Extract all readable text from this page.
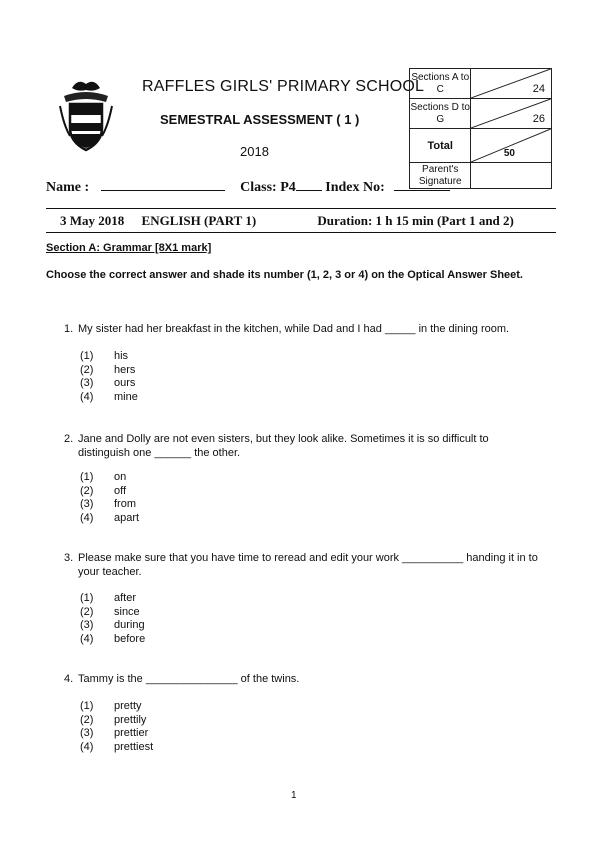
RAFFLES GIRLS' PRIMARY SCHOOL
SEMESTRAL ASSESSMENT ( 1 )
2018
Name :	Class: P4 Index No:
Sections A to C	24

Sections D to G	26

Total	50

Parent's Signature	
3 May 2018 ENGLISH (PART 1)	Duration: 1 h 15 min (Part 1 and 2)
Section A: Grammar [8X1 mark]
Choose the correct answer and shade its number (1, 2, 3 or 4) on the Optical Answer Sheet.
1. My sister had her breakfast in the kitchen, while Dad and I had _____ in the dining room.
(1)	his
(2)	hers
(3)	ours
(4)	mine
2. Jane and Dolly are not even sisters, but they look alike. Sometimes it is so difficult to distinguish one ______ the other.
(1)	on
(2)	off
(3)	from
(4)	apart
3. Please make sure that you have time to reread and edit your work __________ handing it in to your teacher.
(1)	after
(2)	since
(3)	during
(4)	before
4. Tammy is the _______________ of the twins.
(1)	pretty
(2)	prettily
(3)	prettier
(4)	prettiest
1
